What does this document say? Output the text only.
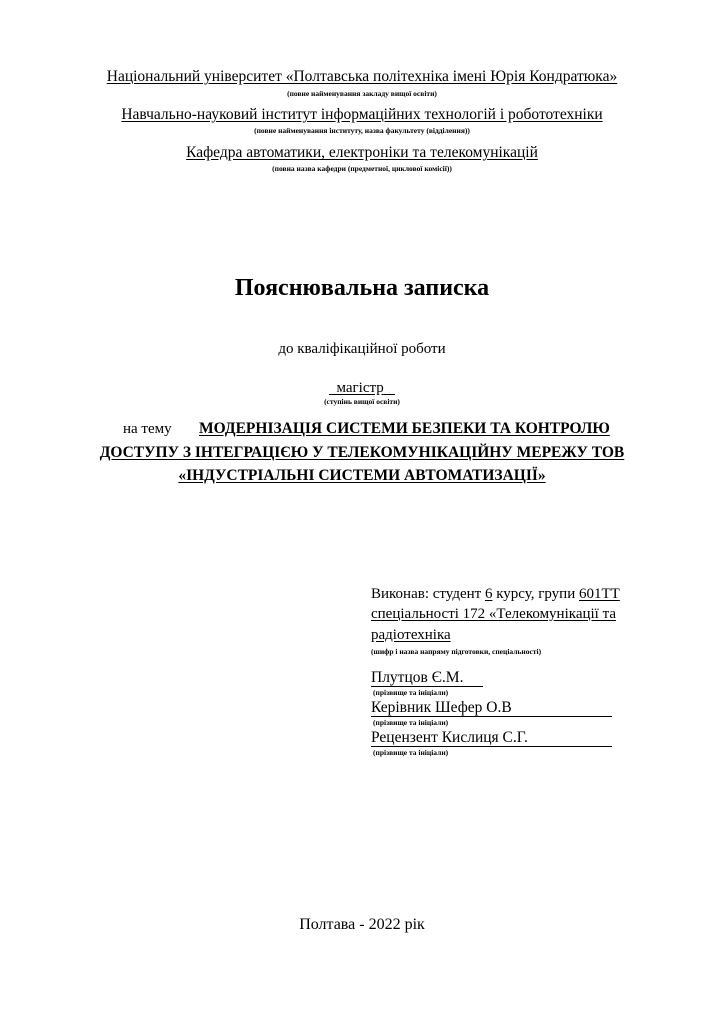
Національний університет «Полтавська політехніка імені Юрія Кондратюка»
(повне найменування закладу вищої освіти)
Навчально-науковий інститут інформаційних технологій і робототехніки
(повне найменування інституту, назва факультету (відділення))
Кафедра автоматики, електроніки та телекомунікацій
(повна назва кафедри (предметної, циклової комісії))
Пояснювальна записка
до кваліфікаційної роботи
магістр
(ступінь вищої освіти)
на тему МОДЕРНІЗАЦІЯ СИСТЕМИ БЕЗПЕКИ ТА КОНТРОЛЮ
ДОСТУПУ З ІНТЕГРАЦІЄЮ У ТЕЛЕКОМУНІКАЦІЙНУ МЕРЕЖУ ТОВ
«ІНДУСТРІАЛЬНІ СИСТЕМИ АВТОМАТИЗАЦІЇ»
Виконав: студент 6 курсу, групи 601ТТ
спеціальності 172 «Телекомунікації та
радіотехніка
(шифр і назва напряму підготовки, спеціальності)
Плутцов Є.М.
(прізвище та ініціали)
Керівник Шефер О.В
(прізвище та ініціали)
Рецензент Кислиця С.Г.
(прізвище та ініціали)
Полтава - 2022 рік
